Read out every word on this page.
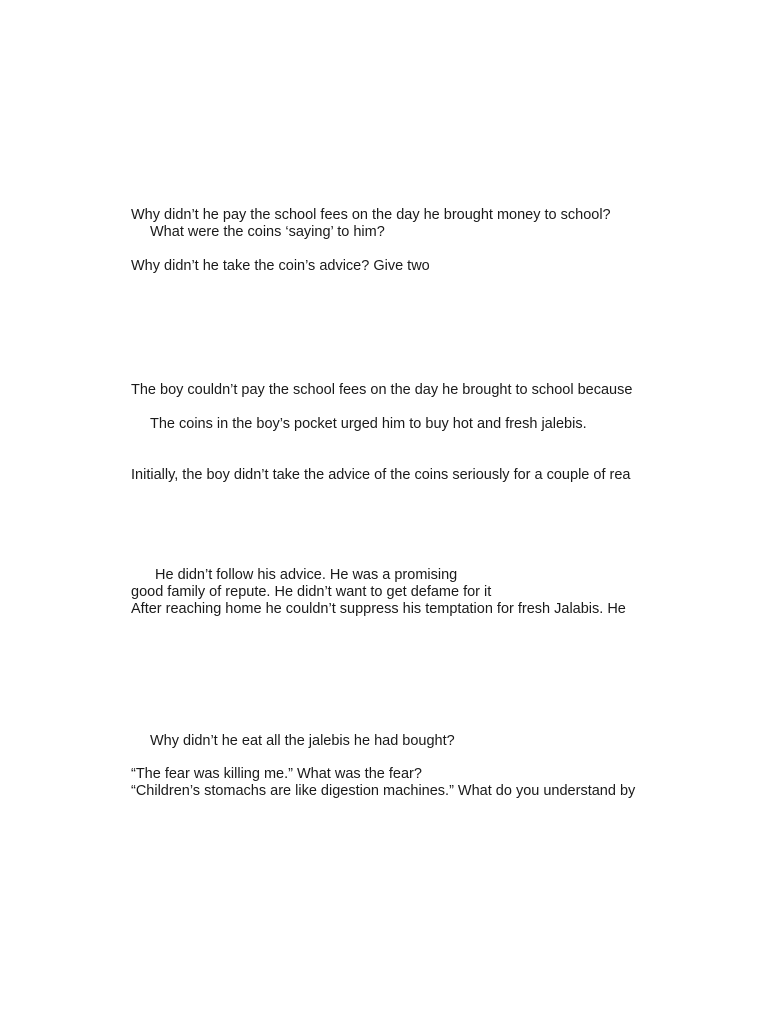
Why didn’t he pay the school fees on the day he brought money to school?
What were the coins ‘saying’ to him?
Why didn’t he take the coin’s advice? Give two
The boy couldn’t pay the school fees on the day he brought to school because
The coins in the boy’s pocket urged him to buy hot and fresh jalebis.
Initially, the boy didn’t take the advice of the coins seriously for a couple of rea
He didn’t follow his advice. He was a promising
good family of repute. He didn’t want to get defame for it
After reaching home he couldn’t suppress his temptation for fresh Jalabis. He
Why didn’t he eat all the jalebis he had bought?
“The fear was killing me.” What was the fear?
“Children’s stomachs are like digestion machines.” What do you understand by
